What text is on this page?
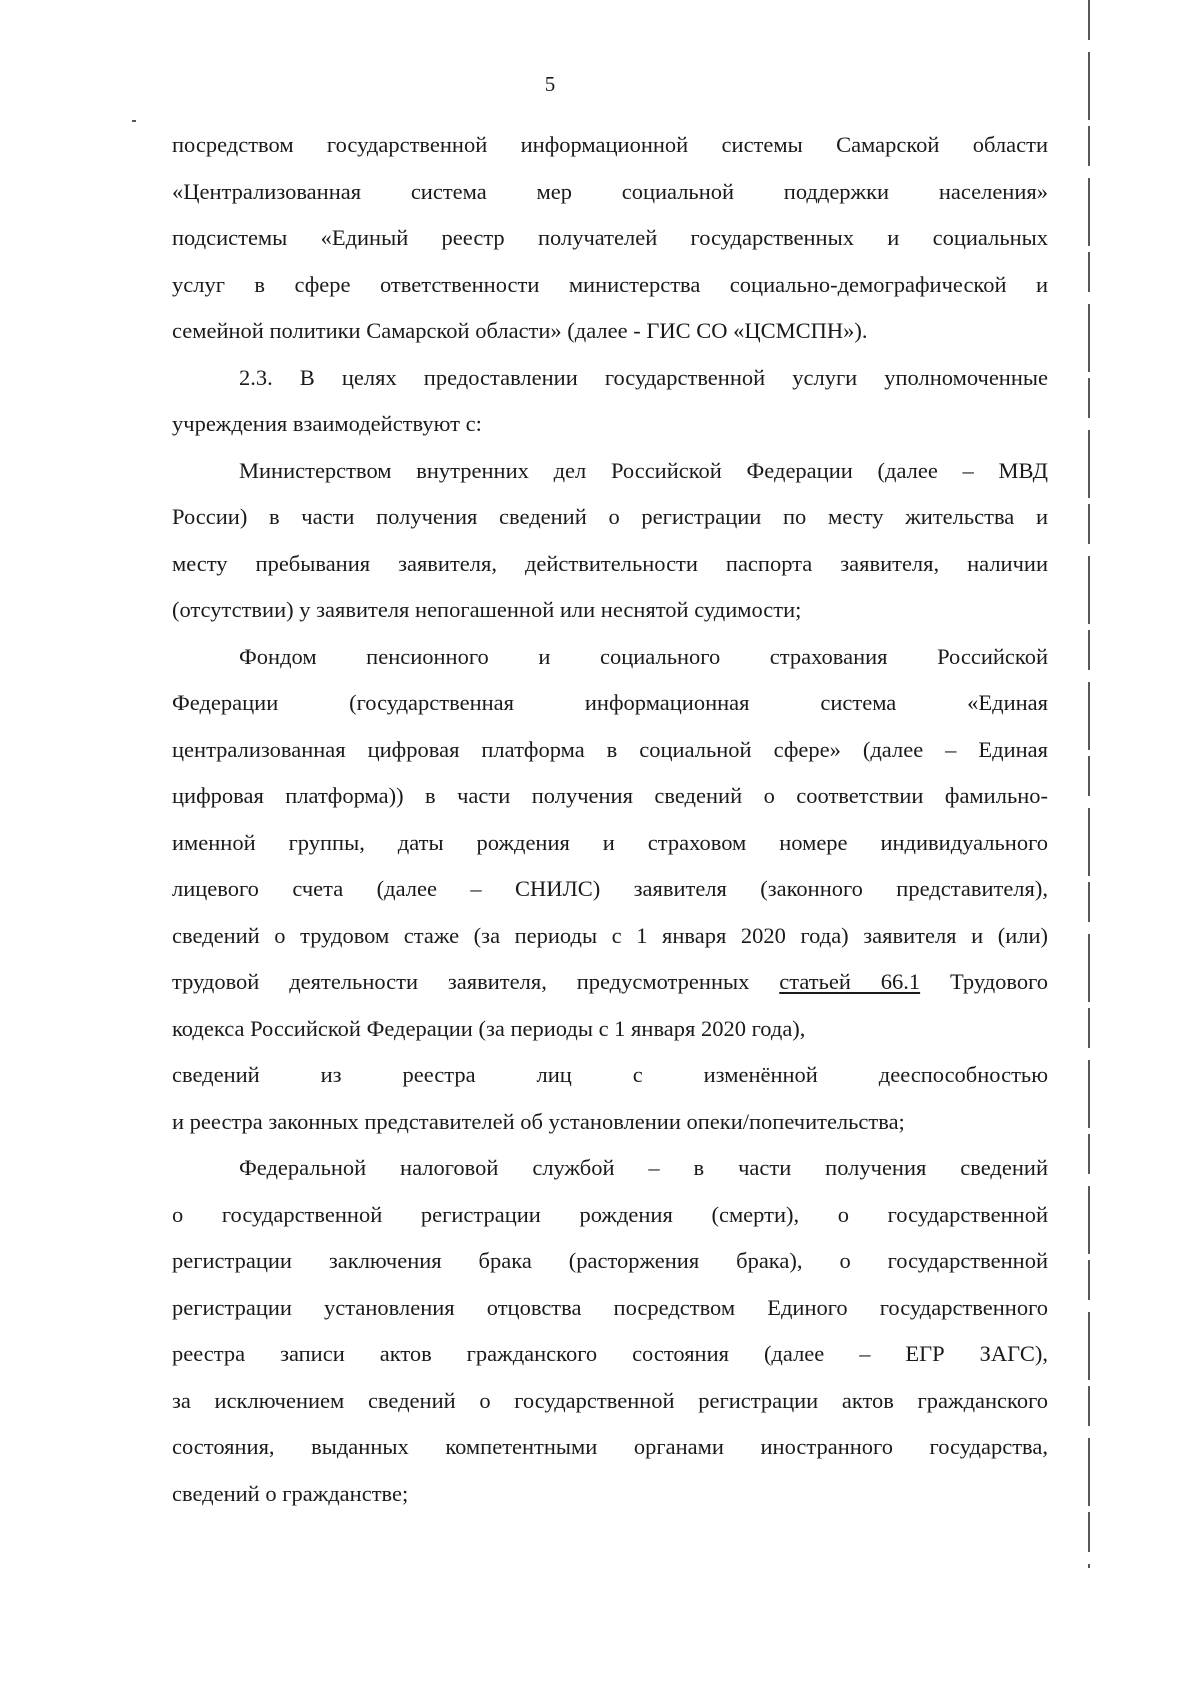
5

посредством государственной информационной системы Самарской области
«Централизованная система мер социальной поддержки населения»
подсистемы «Единый реестр получателей государственных и социальных
услуг в сфере ответственности министерства социально-демографической и
семейной политики Самарской области» (далее - ГИС СО «ЦСМСПН»).

2.3. В целях предоставлении государственной услуги уполномоченные
учреждения взаимодействуют с:

Министерством внутренних дел Российской Федерации (далее – МВД
России) в части получения сведений о регистрации по месту жительства и
месту пребывания заявителя, действительности паспорта заявителя, наличии
(отсутствии) у заявителя непогашенной или неснятой судимости;

Фондом пенсионного и социального страхования Российской
Федерации (государственная информационная система «Единая
централизованная цифровая платформа в социальной сфере» (далее – Единая
цифровая платформа)) в части получения сведений о соответствии фамильно-
именной группы, даты рождения и страховом номере индивидуального
лицевого счета (далее – СНИЛС) заявителя (законного представителя),
сведений о трудовом стаже (за периоды с 1 января 2020 года) заявителя и (или)
трудовой деятельности заявителя, предусмотренных статьей 66.1 Трудового
кодекса Российской Федерации (за периоды с 1 января 2020 года),
сведений из реестра лиц с изменённой дееспособностью
и реестра законных представителей об установлении опеки/попечительства;

Федеральной налоговой службой – в части получения сведений
о государственной регистрации рождения (смерти), о государственной
регистрации заключения брака (расторжения брака), о государственной
регистрации установления отцовства посредством Единого государственного
реестра записи актов гражданского состояния (далее – ЕГР ЗАГС),
за исключением сведений о государственной регистрации актов гражданского
состояния, выданных компетентными органами иностранного государства,
сведений о гражданстве;
